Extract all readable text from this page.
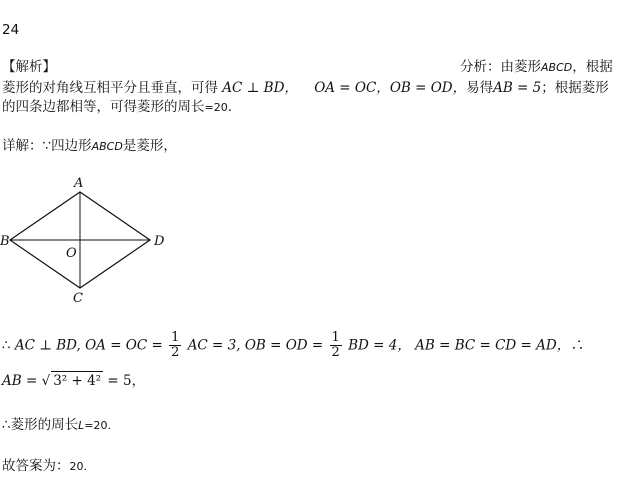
24
【解析】	分析：由菱形ABCD，根据
菱形的对角线互相平分且垂直，可得 AC ⊥ BD， OA = OC，OB = OD，易得AB = 5；根据菱形
的四条边都相等，可得菱形的周长=20.
详解：∵四边形ABCD是菱形，
A
B
C
D
O
∴ AC ⊥ BD, OA = OC = $\frac{1}{2}$ AC = 3, OB = OD = $\frac{1}{2}$ BD = 4， AB = BC = CD = AD，∴
AB = √ 3² + 4² = 5，
∴菱形的周长L=20.
故答案为：20.
